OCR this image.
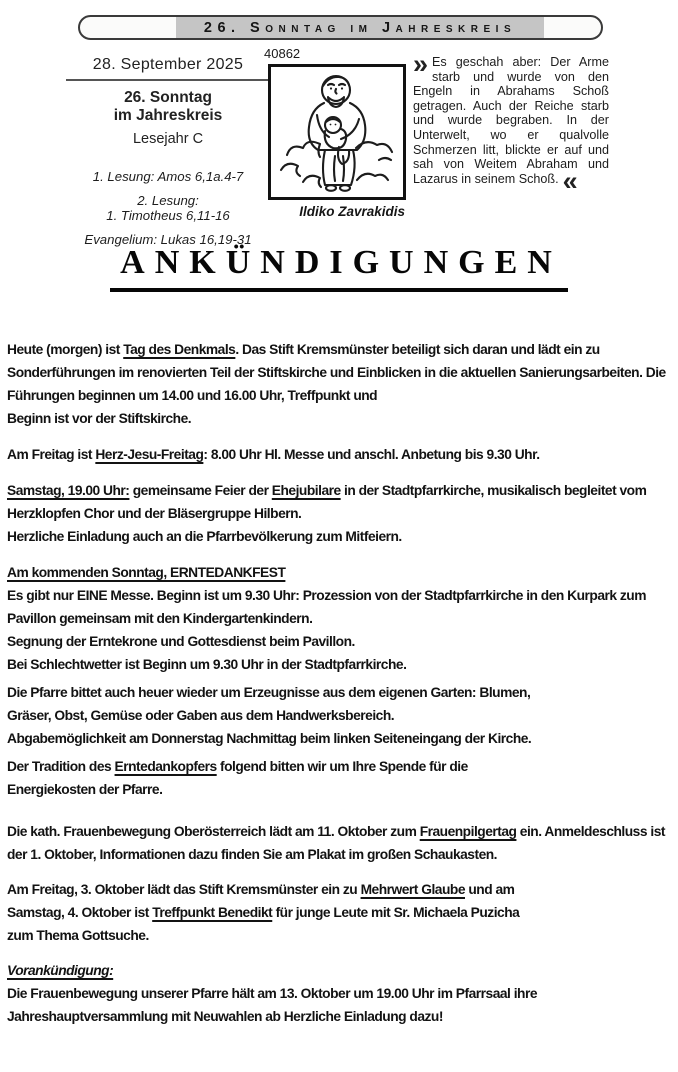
26. Sonntag im Jahreskreis
28. September 2025
26. Sonntag
im Jahreskreis
Lesejahr C
1. Lesung: Amos 6,1a.4-7
2. Lesung:
1. Timotheus 6,11-16
Evangelium: Lukas 16,19-31
40862
Ildiko Zavrakidis
» Es geschah aber: Der Arme starb und wurde von den Engeln in Abrahams Schoß getragen. Auch der Reiche starb und wurde begraben. In der Unterwelt, wo er qualvolle Schmerzen litt, blickte er auf und sah von Weitem Abraham und Lazarus in seinem Schoß. «
ANKÜNDIGUNGEN

Heute (morgen) ist Tag des Denkmals. Das Stift Kremsmünster beteiligt sich daran und lädt ein zu Sonderführungen im renovierten Teil der Stiftskirche und Einblicken in die aktuellen Sanierungsarbeiten. Die Führungen beginnen um 14.00 und 16.00 Uhr, Treffpunkt und
Beginn ist vor der Stiftskirche.

Am Freitag ist Herz-Jesu-Freitag: 8.00 Uhr Hl. Messe und anschl. Anbetung bis 9.30 Uhr.

Samstag, 19.00 Uhr: gemeinsame Feier der Ehejubilare in der Stadtpfarrkirche, musikalisch begleitet vom Herzklopfen Chor und der Bläsergruppe Hilbern.
Herzliche Einladung auch an die Pfarrbevölkerung zum Mitfeiern.

Am kommenden Sonntag, ERNTEDANKFEST
Es gibt nur EINE Messe. Beginn ist um 9.30 Uhr: Prozession von der Stadtpfarrkirche in den Kurpark zum Pavillon gemeinsam mit den Kindergartenkindern.
Segnung der Erntekrone und Gottesdienst beim Pavillon.
Bei Schlechtwetter ist Beginn um 9.30 Uhr in der Stadtpfarrkirche.

Die Pfarre bittet auch heuer wieder um Erzeugnisse aus dem eigenen Garten: Blumen,
Gräser, Obst, Gemüse oder Gaben aus dem Handwerksbereich.
Abgabemöglichkeit am Donnerstag Nachmittag beim linken Seiteneingang der Kirche.

Der Tradition des Erntedankopfers folgend bitten wir um Ihre Spende für die
Energiekosten der Pfarre.

Die kath. Frauenbewegung Oberösterreich lädt am 11. Oktober zum Frauenpilgertag ein. Anmeldeschluss ist der 1. Oktober, Informationen dazu finden Sie am Plakat im großen Schaukasten.

Am Freitag, 3. Oktober lädt das Stift Kremsmünster ein zu Mehrwert Glaube und am
Samstag, 4. Oktober ist Treffpunkt Benedikt für junge Leute mit Sr. Michaela Puzicha
zum Thema Gottsuche.

Vorankündigung:
Die Frauenbewegung unserer Pfarre hält am 13. Oktober um 19.00 Uhr im Pfarrsaal ihre Jahreshauptversammlung mit Neuwahlen ab Herzliche Einladung dazu!
